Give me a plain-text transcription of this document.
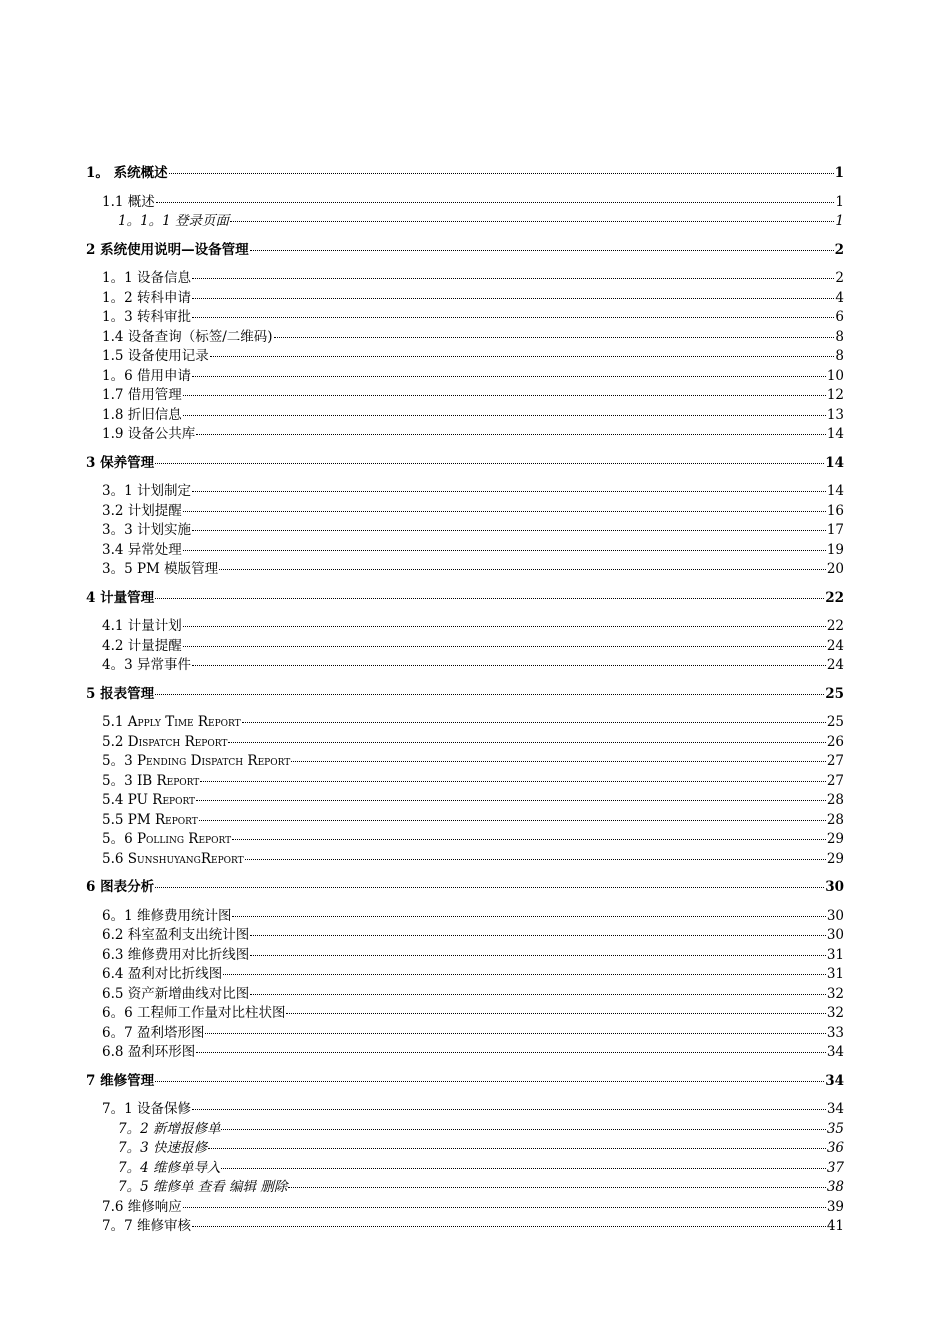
1。 系统概述	1
1.1 概述	1
1。1。1 登录页面	1
2 系统使用说明—设备管理	2
1。1 设备信息	2
1。2 转科申请	4
1。3 转科审批	6
1.4 设备查询（标签/二维码)	8
1.5 设备使用记录	8
1。6 借用申请	10
1.7 借用管理	12
1.8 折旧信息	13
1.9 设备公共库	14
3 保养管理	14
3。1 计划制定	14
3.2 计划提醒	16
3。3 计划实施	17
3.4 异常处理	19
3。5 PM 模版管理	20
4 计量管理	22
4.1 计量计划	22
4.2 计量提醒	24
4。3 异常事件	24
5 报表管理	25
5.1 Apply Time Report	25
5.2 Dispatch Report	26
5。3 Pending Dispatch Report	27
5。3 IB Report	27
5.4 PU Report	28
5.5 PM Report	28
5。6 Polling Report	29
5.6 SunshuyangReport	29
6 图表分析	30
6。1 维修费用统计图	30
6.2 科室盈利支出统计图	30
6.3 维修费用对比折线图	31
6.4 盈利对比折线图	31
6.5 资产新增曲线对比图	32
6。6 工程师工作量对比柱状图	32
6。7 盈利塔形图	33
6.8 盈利环形图	34
7 维修管理	34
7。1 设备保修	34
7。2 新增报修单	35
7。3 快速报修	36
7。4 维修单导入	37
7。5 维修单 查看 编辑 删除	38
7.6 维修响应	39
7。7 维修审核	41
